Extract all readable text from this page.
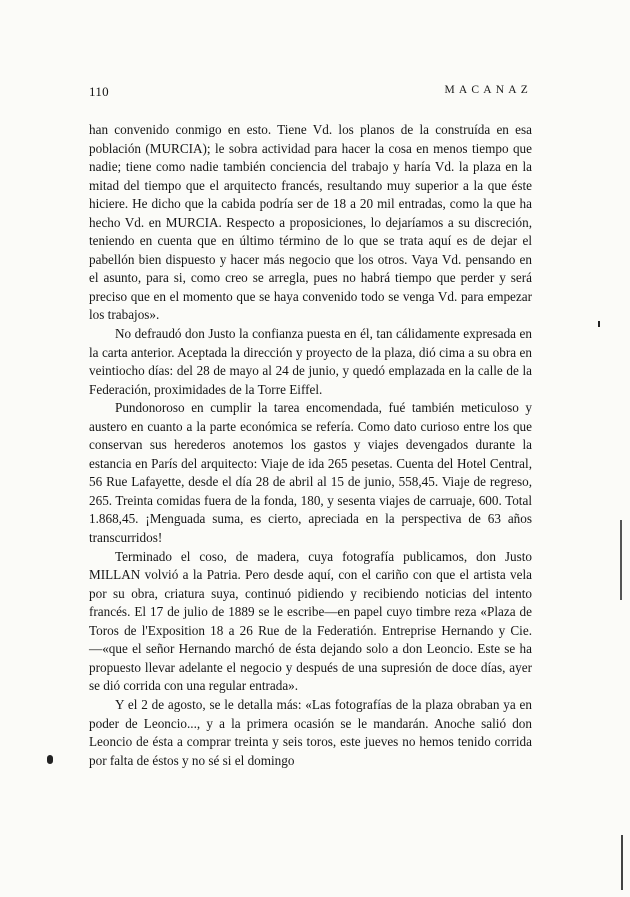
110	MACANAZ

han convenido conmigo en esto. Tiene Vd. los planos de la construída en esa población (MURCIA); le sobra actividad para hacer la cosa en menos tiempo que nadie; tiene como nadie también conciencia del trabajo y haría Vd. la plaza en la mitad del tiempo que el arquitecto francés, resultando muy superior a la que éste hiciere. He dicho que la cabida podría ser de 18 a 20 mil entradas, como la que ha hecho Vd. en MURCIA. Respecto a proposiciones, lo dejaríamos a su discreción, teniendo en cuenta que en último término de lo que se trata aquí es de dejar el pabellón bien dispuesto y hacer más negocio que los otros. Vaya Vd. pensando en el asunto, para si, como creo se arregla, pues no habrá tiempo que perder y será preciso que en el momento que se haya convenido todo se venga Vd. para empezar los trabajos».

No defraudó don Justo la confianza puesta en él, tan cálidamente expresada en la carta anterior. Aceptada la dirección y proyecto de la plaza, dió cima a su obra en veintiocho días: del 28 de mayo al 24 de junio, y quedó emplazada en la calle de la Federación, proximidades de la Torre Eiffel.

Pundonoroso en cumplir la tarea encomendada, fué también meticuloso y austero en cuanto a la parte económica se refería. Como dato curioso entre los que conservan sus herederos anotemos los gastos y viajes devengados durante la estancia en París del arquitecto: Viaje de ida 265 pesetas. Cuenta del Hotel Central, 56 Rue Lafayette, desde el día 28 de abril al 15 de junio, 558,45. Viaje de regreso, 265. Treinta comidas fuera de la fonda, 180, y sesenta viajes de carruaje, 600. Total 1.868,45. ¡Menguada suma, es cierto, apreciada en la perspectiva de 63 años transcurridos!

Terminado el coso, de madera, cuya fotografía publicamos, don Justo MILLAN volvió a la Patria. Pero desde aquí, con el cariño con que el artista vela por su obra, criatura suya, continuó pidiendo y recibiendo noticias del intento francés. El 17 de julio de 1889 se le escribe—en papel cuyo timbre reza «Plaza de Toros de l'Exposition 18 a 26 Rue de la Federatión. Entreprise Hernando y Cie.—«que el señor Hernando marchó de ésta dejando solo a don Leoncio. Este se ha propuesto llevar adelante el negocio y después de una supresión de doce días, ayer se dió corrida con una regular entrada».

Y el 2 de agosto, se le detalla más: «Las fotografías de la plaza obraban ya en poder de Leoncio..., y a la primera ocasión se le mandarán. Anoche salió don Leoncio de ésta a comprar treinta y seis toros, este jueves no hemos tenido corrida por falta de éstos y no sé si el domingo
